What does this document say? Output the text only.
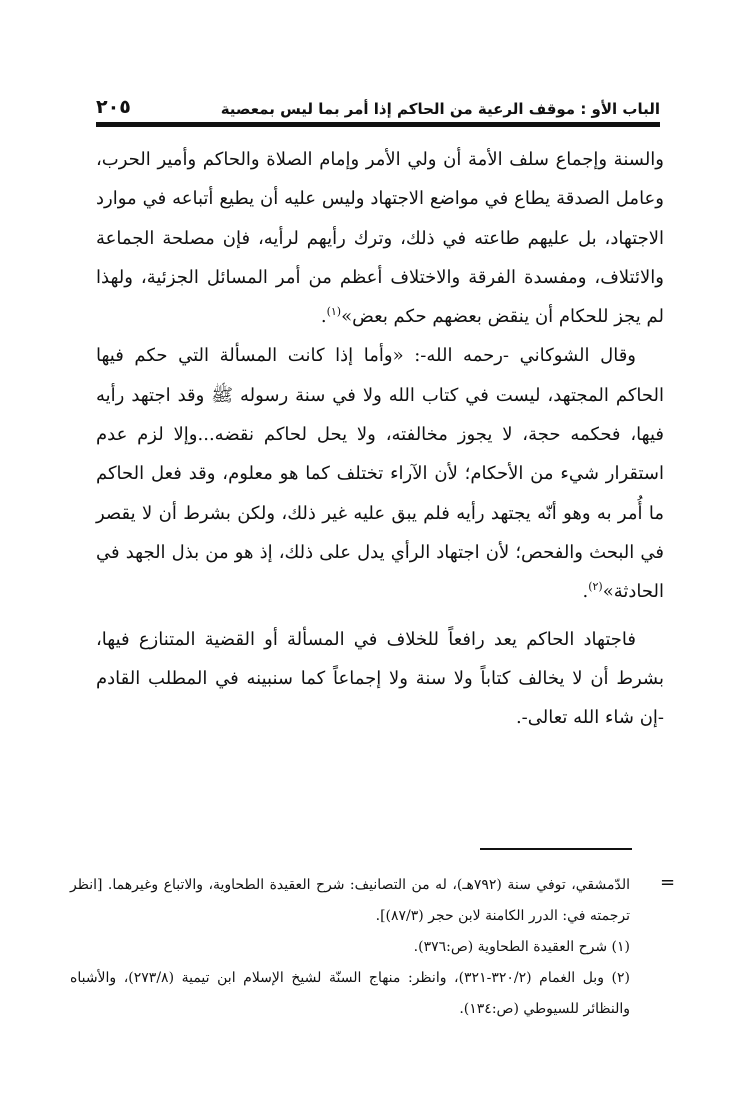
الباب الأو : موقف الرعية من الحاكم إذا أمر بما ليس بمعصية
٢٠٥

والسنة وإجماع سلف الأمة أن ولي الأمر وإمام الصلاة والحاكم وأمير الحرب، وعامل الصدقة يطاع في مواضع الاجتهاد وليس عليه أن يطيع أتباعه في موارد الاجتهاد، بل عليهم طاعته في ذلك، وترك رأيهم لرأيه، فإن مصلحة الجماعة والائتلاف، ومفسدة الفرقة والاختلاف أعظم من أمر المسائل الجزئية، ولهذا لم يجز للحكام أن ينقض بعضهم حكم بعض»$^{(١)}$.

وقال الشوكاني -رحمه الله-: «وأما إذا كانت المسألة التي حكم فيها الحاكم المجتهد، ليست في كتاب الله ولا في سنة رسوله ﷺ وقد اجتهد رأيه فيها، فحكمه حجة، لا يجوز مخالفته، ولا يحل لحاكم نقضه...وإلا لزم عدم استقرار شيء من الأحكام؛ لأن الآراء تختلف كما هو معلوم، وقد فعل الحاكم ما أُمر به وهو أنّه يجتهد رأيه فلم يبق عليه غير ذلك، ولكن بشرط أن لا يقصر في البحث والفحص؛ لأن اجتهاد الرأي يدل على ذلك، إذ هو من بذل الجهد في الحادثة»$^{(٢)}$.

فاجتهاد الحاكم يعد رافعاً للخلاف في المسألة أو القضية المتنازع فيها، بشرط أن لا يخالف كتاباً ولا سنة ولا إجماعاً كما سنبينه في المطلب القادم -إن شاء الله تعالى-.

=

الدّمشقي، توفي سنة (٧٩٢هـ)، له من التصانيف: شرح العقيدة الطحاوية، والاتباع وغيرهما. [انظر ترجمته في: الدرر الكامنة لابن حجر (٨٧/٣)].

(١) شرح العقيدة الطحاوية (ص:٣٧٦).

(٢) وبل الغمام (٣٢٠/٢-٣٢١)، وانظر: منهاج السنّة لشيخ الإسلام ابن تيمية (٢٧٣/٨)، والأشباه والنظائر للسيوطي (ص:١٣٤).
